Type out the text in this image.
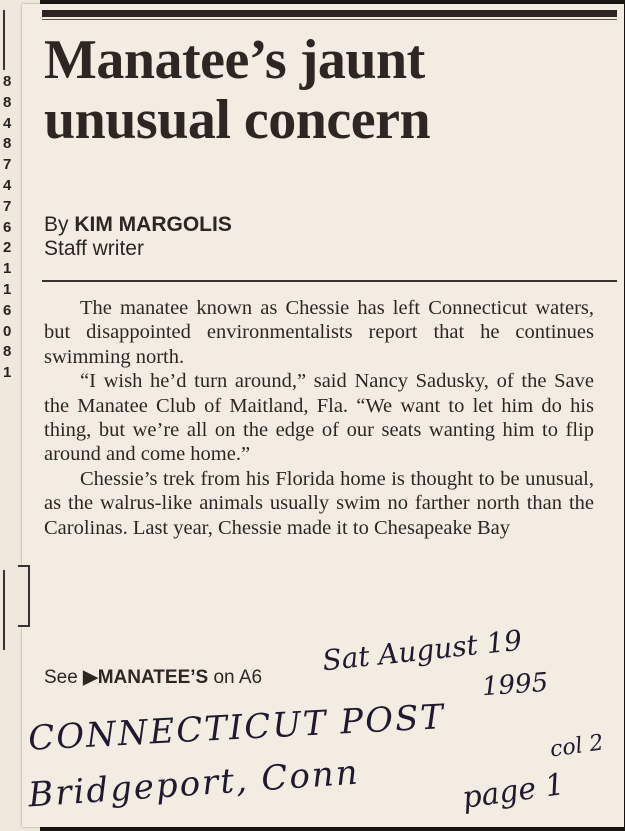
8
8
4
8
7
4
7
6
2
1
1
6
0
8
1
Manatee’s jaunt
unusual concern
By KIM MARGOLIS
Staff writer

The manatee known as Chessie has left Connecticut waters, but disappointed environmentalists report that he continues swimming north.

“I wish he’d turn around,” said Nancy Sadusky, of the Save the Manatee Club of Maitland, Fla. “We want to let him do his thing, but we’re all on the edge of our seats wanting him to flip around and come home.”

Chessie’s trek from his Florida home is thought to be unusual, as the walrus-like animals usually swim no farther north than the Carolinas. Last year, Chessie made it to Chesapeake Bay

See ▶MANATEE’S on A6
Sat August 19
1995
CONNECTICUT POST	col 2
Bridgeport, Conn	page 1
